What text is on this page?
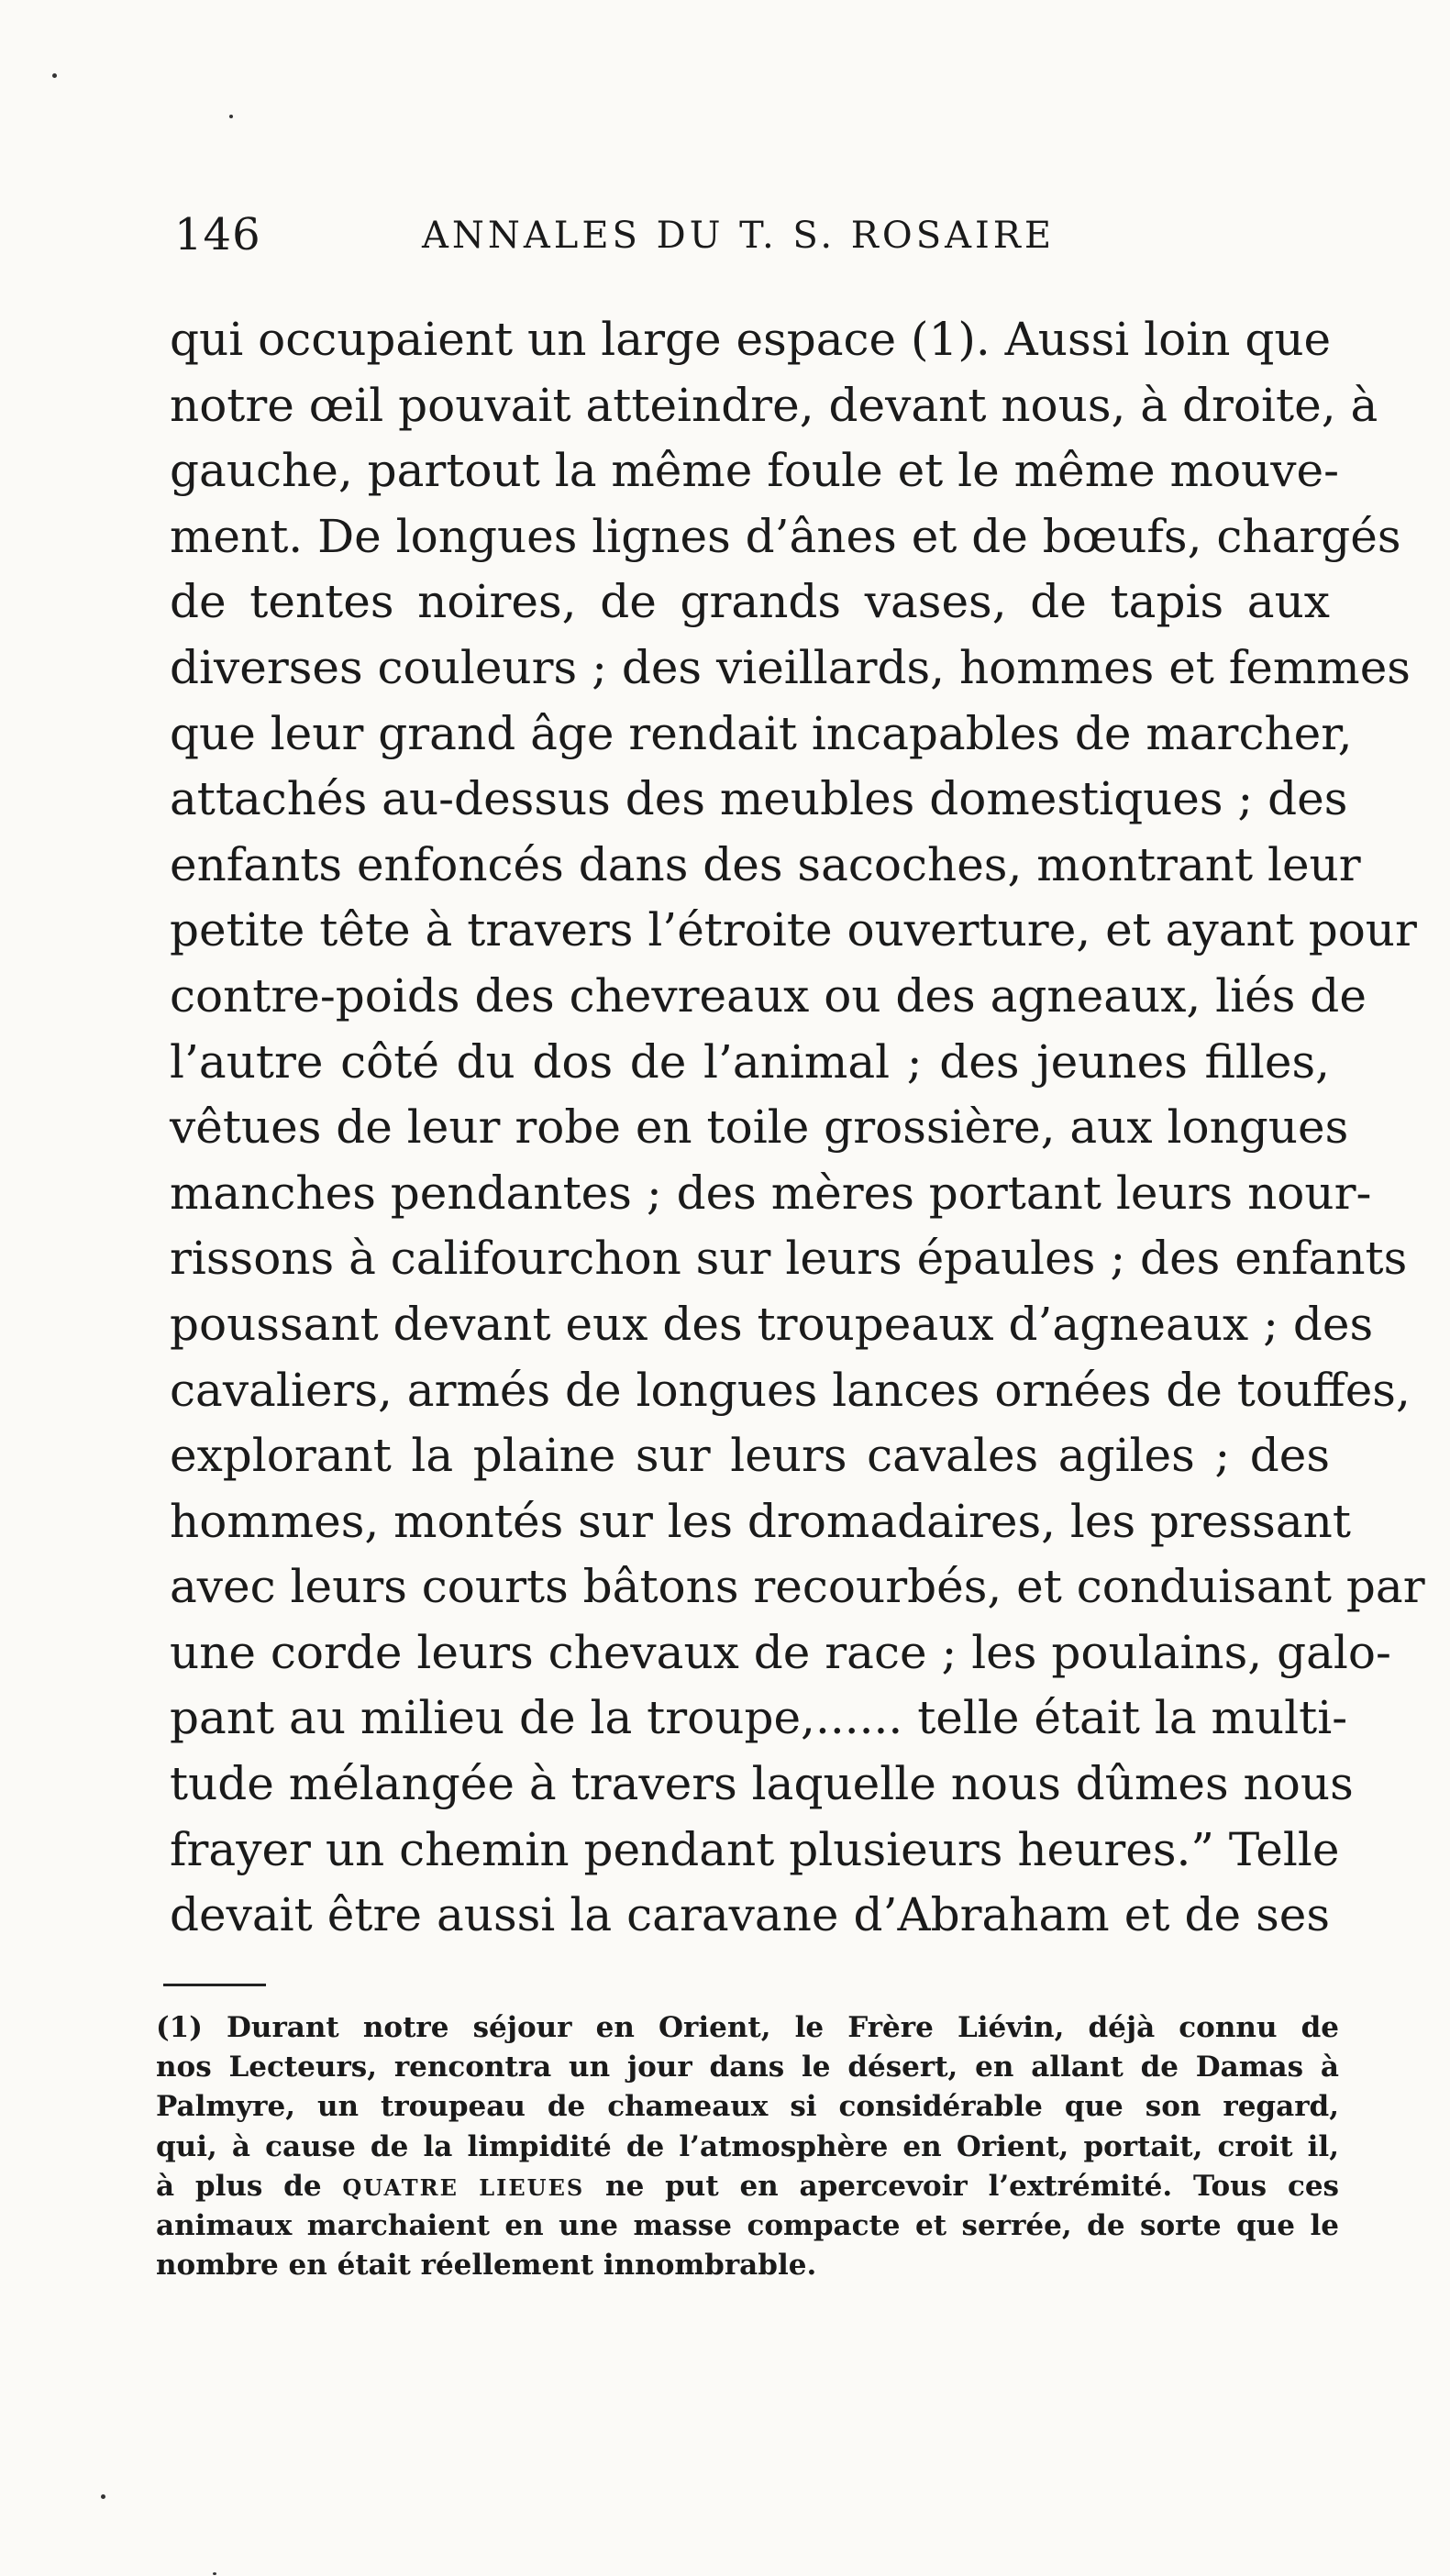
146	ANNALES DU T. S. ROSAIRE
qui occupaient un large espace (1). Aussi loin que
notre œil pouvait atteindre, devant nous, à droite, à
gauche, partout la même foule et le même mouve-
ment. De longues lignes d’ânes et de bœufs, chargés
de tentes noires, de grands vases, de tapis aux
diverses couleurs ; des vieillards, hommes et femmes
que leur grand âge rendait incapables de marcher,
attachés au-dessus des meubles domestiques ; des
enfants enfoncés dans des sacoches, montrant leur
petite tête à travers l’étroite ouverture, et ayant pour
contre-poids des chevreaux ou des agneaux, liés de
l’autre côté du dos de l’animal ; des jeunes filles,
vêtues de leur robe en toile grossière, aux longues
manches pendantes ; des mères portant leurs nour-
rissons à califourchon sur leurs épaules ; des enfants
poussant devant eux des troupeaux d’agneaux ; des
cavaliers, armés de longues lances ornées de touffes,
explorant la plaine sur leurs cavales agiles ; des
hommes, montés sur les dromadaires, les pressant
avec leurs courts bâtons recourbés, et conduisant par
une corde leurs chevaux de race ; les poulains, galo-
pant au milieu de la troupe,...... telle était la multi-
tude mélangée à travers laquelle nous dûmes nous
frayer un chemin pendant plusieurs heures.” Telle
devait être aussi la caravane d’Abraham et de ses
(1) Durant notre séjour en Orient, le Frère Liévin, déjà connu de
nos Lecteurs, rencontra un jour dans le désert, en allant de Damas à
Palmyre, un troupeau de chameaux si considérable que son regard,
qui, à cause de la limpidité de l’atmosphère en Orient, portait, croit il,
à plus de QUATRE LIEUES ne put en apercevoir l’extrémité. Tous ces
animaux marchaient en une masse compacte et serrée, de sorte que le
nombre en était réellement innombrable.
